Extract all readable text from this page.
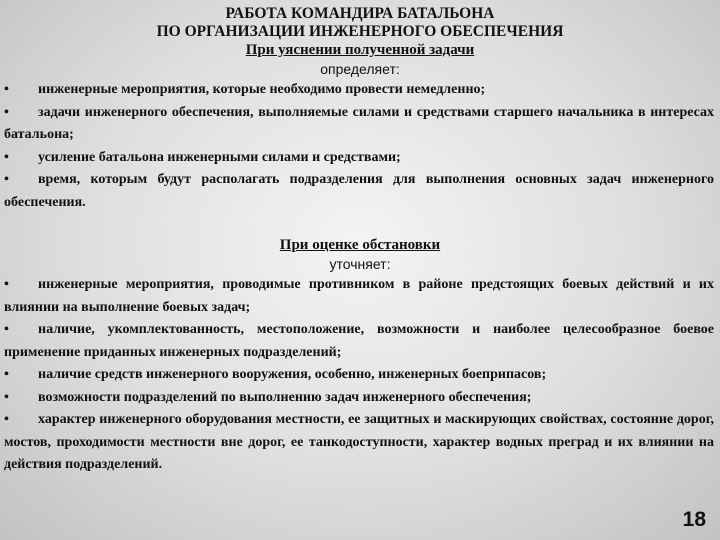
РАБОТА КОМАНДИРА БАТАЛЬОНА
ПО ОРГАНИЗАЦИИ ИНЖЕНЕРНОГО ОБЕСПЕЧЕНИЯ

При уяснении полученной задачи

определяет:

• инженерные мероприятия, которые необходимо провести немедленно;
• задачи инженерного обеспечения, выполняемые силами и средствами старшего начальника в интересах батальона;
• усиление батальона инженерными силами и средствами;
• время, которым будут располагать подразделения для выполнения основных задач инженерного обеспечения.

При оценке обстановки

уточняет:

• инженерные мероприятия, проводимые противником в районе предстоящих боевых действий и их влиянии на выполнение боевых задач;
• наличие, укомплектованность, местоположение, возможности и наиболее целесообразное боевое применение приданных инженерных подразделений;
• наличие средств инженерного вооружения, особенно, инженерных боеприпасов;
• возможности подразделений по выполнению задач инженерного обеспечения;
• характер инженерного оборудования местности, ее защитных и маскирующих свойствах, состояние дорог, мостов, проходимости местности вне дорог, ее танкодоступности, характер водных преград и их влиянии на действия подразделений.
18
